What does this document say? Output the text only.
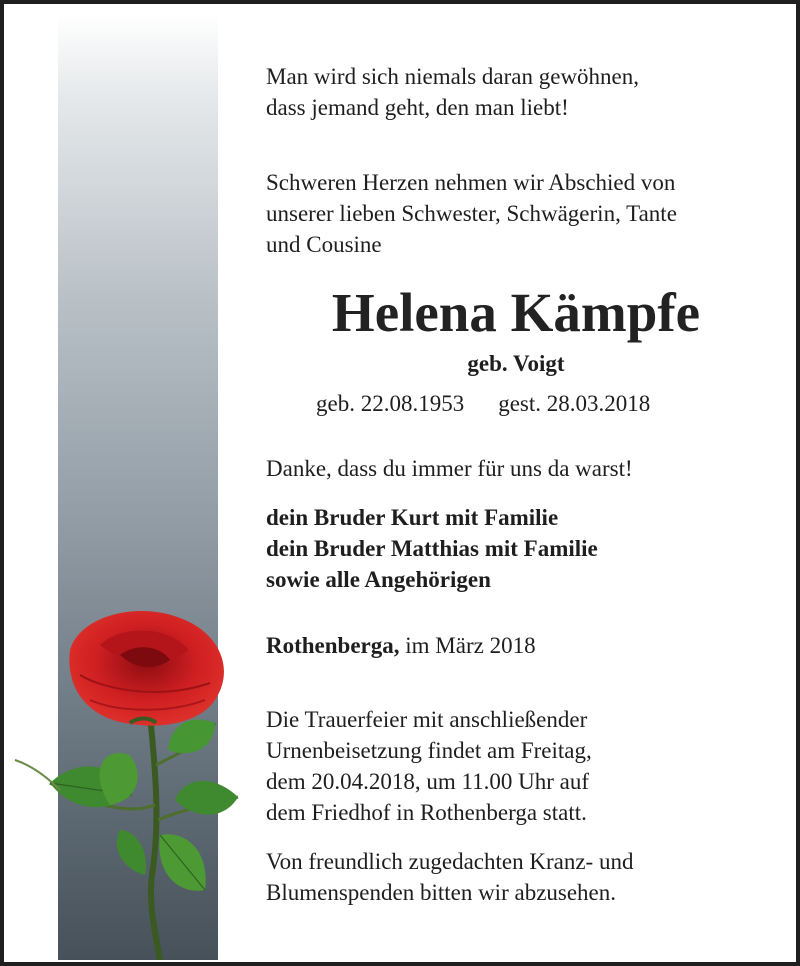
Man wird sich niemals daran gewöhnen,
dass jemand geht, den man liebt!
Schweren Herzen nehmen wir Abschied von
unserer lieben Schwester, Schwägerin, Tante
und Cousine
Helena Kämpfe
geb. Voigt
geb. 22.08.1953 gest. 28.03.2018
Danke, dass du immer für uns da warst!
dein Bruder Kurt mit Familie
dein Bruder Matthias mit Familie
sowie alle Angehörigen
Rothenberga, im März 2018
Die Trauerfeier mit anschließender
Urnenbeisetzung findet am Freitag,
dem 20.04.2018, um 11.00 Uhr auf
dem Friedhof in Rothenberga statt.
Von freundlich zugedachten Kranz- und
Blumenspenden bitten wir abzusehen.
